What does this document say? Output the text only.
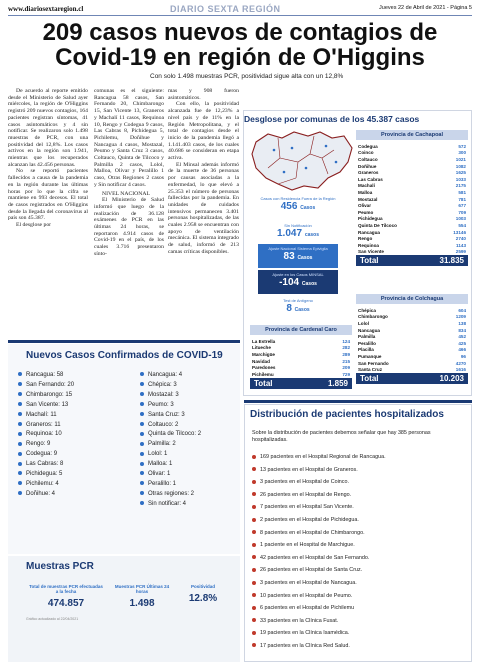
www.diariosextaregion.cl	DIARIO SEXTA REGIÓN	Jueves 22 de Abril de 2021 - Página 5
209 casos nuevos de contagios de
Covid-19 en región de O'Higgins
Con solo 1.498 muestras PCR, positividad sigue alta con un 12,8%

De acuerdo al reporte emitido desde el Ministerio de Salud ayer miércoles, la región de O'Higgins registró 209 nuevos contagios, 164 pacientes registran síntomas, 41 casos asintomáticos y 4 sin notificar. Se realizaron solo 1.498 muestras de PCR, con una positividad del 12,8%. Los casos activos en la región son 1.941, mientras que los recuperados alcanzan las 42.456 personas.

No se reportó pacientes fallecidos a causa de la pandemia en la región durante las últimas horas por lo que la cifra se mantiene en 993 decesos. El total de casos registrados en O'Higgins desde la llegada del coronavirus al país son 45.387.

El desglose por

comunas es el siguiente: Rancagua 58 casos, San Fernando 20, Chimbarongo 15, San Vicente 13, Graneros y Machalí 11 casos, Requinoa 10, Rengo y Codegua 9 casos, Las Cabras 8, Pichidegua 5, Pichilemu, Doñihue y Nancagua 4 casos, Mostazal, Peumo y Santa Cruz 3 casos, Coltauco, Quinta de Tilcoco y Palmilla 2 casos, Lolol, Malloa, Olivar y Peralillo 1 caso, Otras Regiones 2 casos y Sin notificar 4 casos.

NIVEL NACIONAL

El Ministerio de Salud informó que luego de la realización de 36.128 exámenes de PCR en las últimas 24 horas, se reportaron 4.914 casos de Covid-19 en el país, de los cuales 3.716 presentaron sínto-

mas y 908 fueron asintomáticos.

Con ello, la positividad alcanzada fue de 12,23% a nivel país y de 11% en la Región Metropolitana, y el total de contagios desde el inicio de la pandemia llegó a 1.141.403 casos, de los cuales 40.686 se consideran en etapa activa.

El Minsal además informó de la muerte de 36 personas por causas asociadas a la enfermedad, lo que elevó a 25.353 el número de personas fallecidas por la pandemia. En unidades de cuidados intensivos permanecen 3.401 personas hospitalizadas, de las cuales 2.958 se encuentran con apoyo de ventilación mecánica. El sistema integrado de salud, informó de 213 camas críticas disponibles.

Desglose por comunas de los 45.387 casos
Casos con Residencia Fuera de la Región
456 Casos
Sin Notificación
1.047 casos
Ajuste Nacional Sistema Epivigila
83 Casos
Ajuste en los Casos MINSAL
-104 Casos
Test de Antígeno
8 Casos
Provincia de Cachapoal
Codegua	572
Coinco	300
Coltauco	1021
Doñihue	1082
Graneros	1625
Las Cabras	1033
Machalí	2175
Malloa	581
Mostazal	781
Olivar	677
Peumo	709
Pichidegua	1003
Quinta De Tilcoco	554
Rancagua	13146
Rengo	2740
Requinoa	1143
San Vicente	2599
Total	31.835
Provincia de Colchagua
Chépica	604
Chimbarongo	1209
Lolol	138
Nancagua	834
Palmilla	452
Peralillo	425
Placilla	466
Pumanque	96
San Fernando	4270
Santa Cruz	1616
Total	10.203
Provincia de Cardenal Caro
La Estrella	124
Litueche	282
Marchigüe	289
Navidad	215
Paredones	209
Pichilemu	729
Total	1.859
Nuevos Casos Confirmados de COVID-19
Rancagua: 58
San Fernando: 20
Chimbarongo: 15
San Vicente: 13
Machalí: 11
Graneros: 11
Requinoa: 10
Rengo: 9
Codegua: 9
Las Cabras: 8
Pichidegua: 5
Pichilemu: 4
Doñihue: 4
Nancagua: 4
Chépica: 3
Mostazal: 3
Peumo: 3
Santa Cruz: 3
Coltauco: 2
Quinta de Tilcoco: 2
Palmilla: 2
Lolol: 1
Malloa: 1
Olivar: 1
Peralillo: 1
Otras regiones: 2
Sin notificar: 4
Muestras PCR
Total de muestras PCR efectuadas a la fecha
474.857
Muestras PCR Últimas 24 horas
1.498
Positividad
12.8%
Gráfico actualizado al 22/04/2021
Distribución de pacientes hospitalizados
Sobre la distribución de pacientes debemos señalar que hay 385 personas hospitalizadas.
169 pacientes en el Hospital Regional de Rancagua.
13 pacientes en el Hospital de Graneros.
3 pacientes en el Hospital de Coinco.
26 pacientes en el Hospital de Rengo.
7 pacientes en el Hospital San Vicente.
2 pacientes en el Hospital de Pichidegua.
8 pacientes en el Hospital de Chimbarongo.
1 paciente en el Hospital de Marchigue.
42 pacientes en el Hospital de San Fernando.
26 pacientes en el Hospital de Santa Cruz.
3 pacientes en el Hospital de Nancagua.
10 pacientes en el Hospital de Peumo.
6 pacientes en el Hospital de Pichilemu
33 pacientes en la Clínica Fusat.
19 pacientes en la Clínica Isamédica.
17 pacientes en la Clínica Red Salud.
